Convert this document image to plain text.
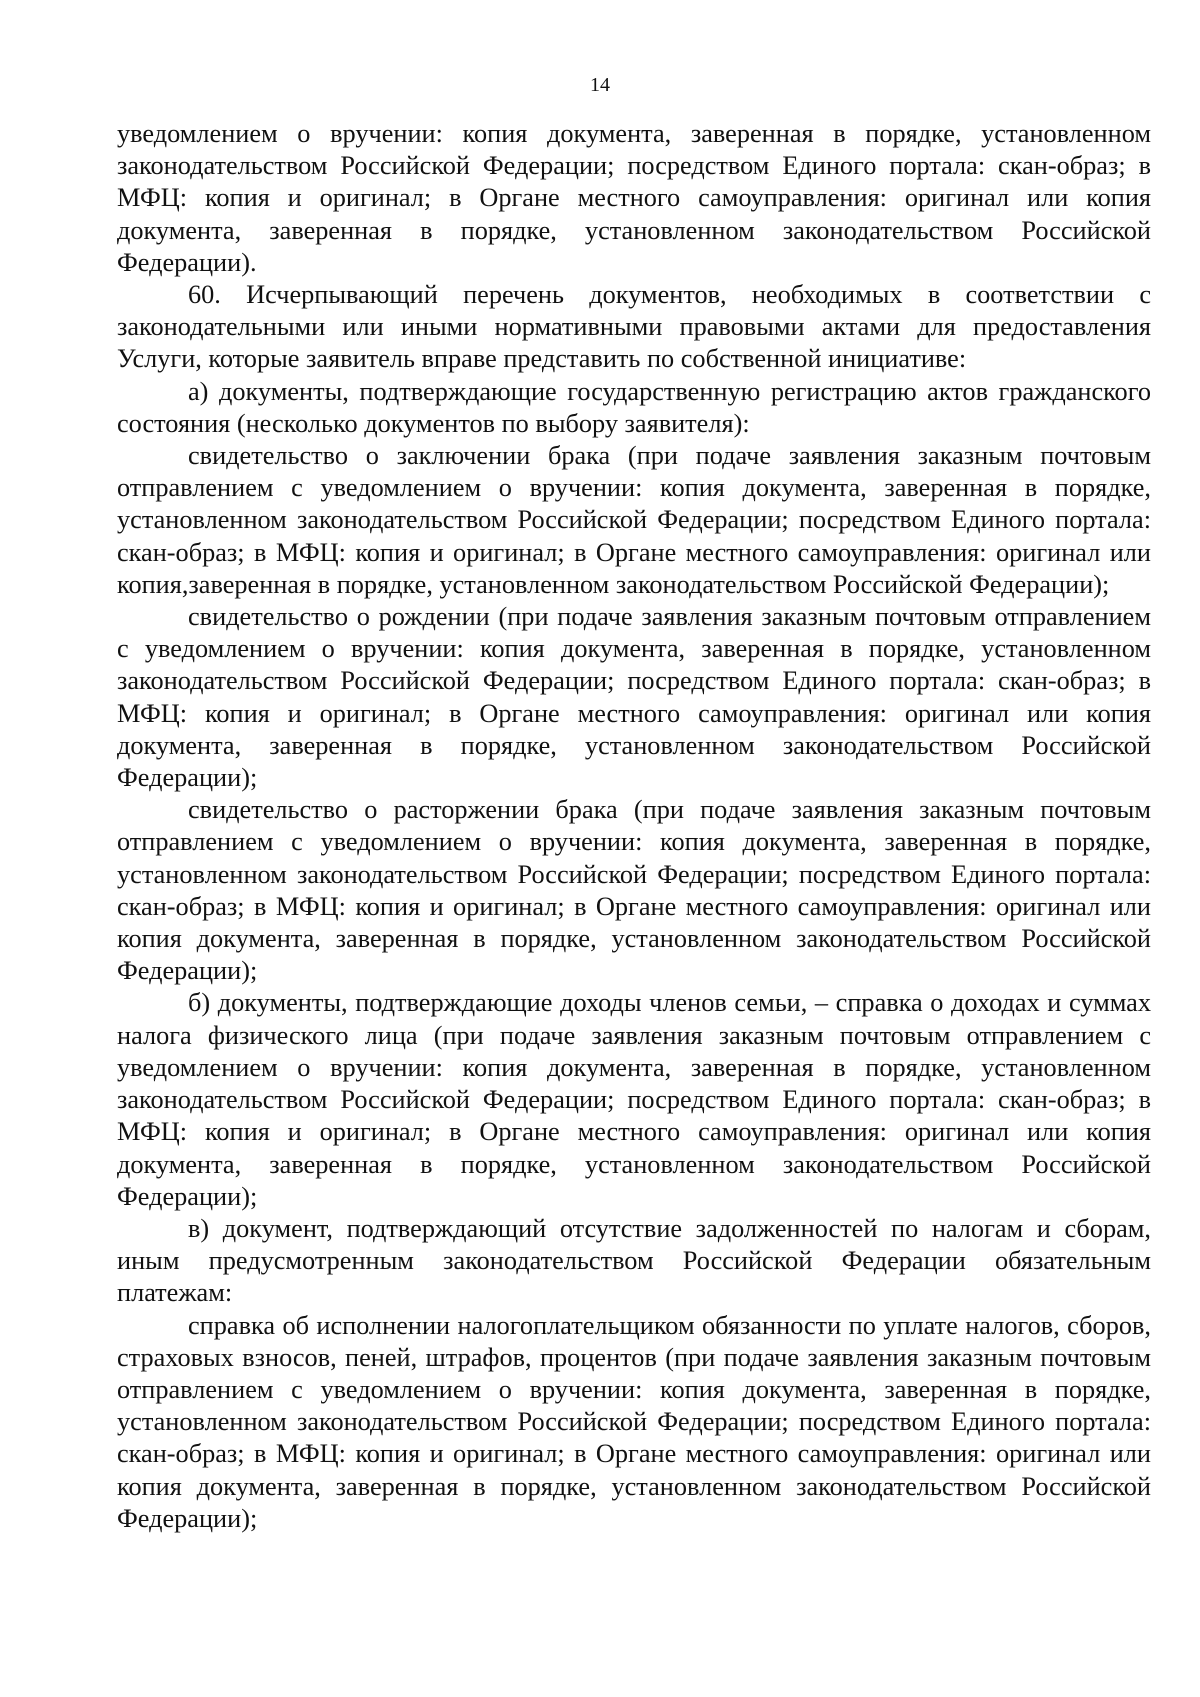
14

уведомлением о вручении: копия документа, заверенная в порядке, установленном законодательством Российской Федерации; посредством Единого портала: скан-образ; в МФЦ: копия и оригинал; в Органе местного самоуправления: оригинал или копия документа, заверенная в порядке, установленном законодательством Российской Федерации).

60. Исчерпывающий перечень документов, необходимых в соответствии с законодательными или иными нормативными правовыми актами для предоставления Услуги, которые заявитель вправе представить по собственной инициативе:

а) документы, подтверждающие государственную регистрацию актов гражданского состояния (несколько документов по выбору заявителя):

свидетельство о заключении брака (при подаче заявления заказным почтовым отправлением с уведомлением о вручении: копия документа, заверенная в порядке, установленном законодательством Российской Федерации; посредством Единого портала: скан-образ; в МФЦ: копия и оригинал; в Органе местного самоуправления: оригинал или копия,заверенная в порядке, установленном законодательством Российской Федерации);

свидетельство о рождении (при подаче заявления заказным почтовым отправлением с уведомлением о вручении: копия документа, заверенная в порядке, установленном законодательством Российской Федерации; посредством Единого портала: скан-образ; в МФЦ: копия и оригинал; в Органе местного самоуправления: оригинал или копия документа, заверенная в порядке, установленном законодательством Российской Федерации);

свидетельство о расторжении брака (при подаче заявления заказным почтовым отправлением с уведомлением о вручении: копия документа, заверенная в порядке, установленном законодательством Российской Федерации; посредством Единого портала: скан-образ; в МФЦ: копия и оригинал; в Органе местного самоуправления: оригинал или копия документа, заверенная в порядке, установленном законодательством Российской Федерации);

б) документы, подтверждающие доходы членов семьи, – справка о доходах и суммах налога физического лица (при подаче заявления заказным почтовым отправлением с уведомлением о вручении: копия документа, заверенная в порядке, установленном законодательством Российской Федерации; посредством Единого портала: скан-образ; в МФЦ: копия и оригинал; в Органе местного самоуправления: оригинал или копия документа, заверенная в порядке, установленном законодательством Российской Федерации);

в) документ, подтверждающий отсутствие задолженностей по налогам и сборам, иным предусмотренным законодательством Российской Федерации обязательным платежам:

справка об исполнении налогоплательщиком обязанности по уплате налогов, сборов, страховых взносов, пеней, штрафов, процентов (при подаче заявления заказным почтовым отправлением с уведомлением о вручении: копия документа, заверенная в порядке, установленном законодательством Российской Федерации; посредством Единого портала: скан-образ; в МФЦ: копия и оригинал; в Органе местного самоуправления: оригинал или копия документа, заверенная в порядке, установленном законодательством Российской Федерации);
